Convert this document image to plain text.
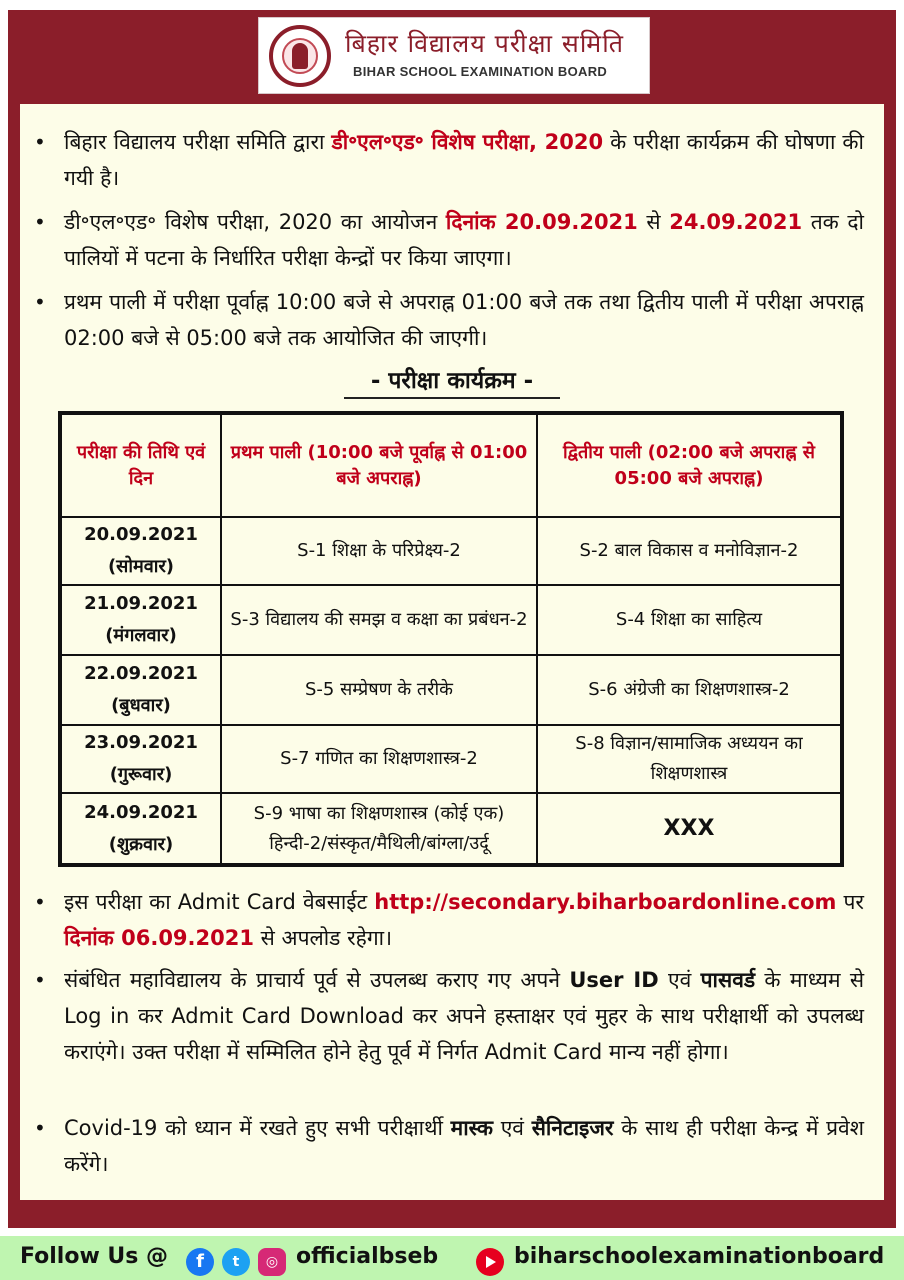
बिहार विद्यालय परीक्षा समिति
BIHAR SCHOOL EXAMINATION BOARD
• बिहार विद्यालय परीक्षा समिति द्वारा डी॰एल॰एड॰ विशेष परीक्षा, 2020 के परीक्षा कार्यक्रम की घोषणा की गयी है।
• डी॰एल॰एड॰ विशेष परीक्षा, 2020 का आयोजन दिनांक 20.09.2021 से 24.09.2021 तक दो पालियों में पटना के निर्धारित परीक्षा केन्द्रों पर किया जाएगा।
• प्रथम पाली में परीक्षा पूर्वाह्न 10:00 बजे से अपराह्न 01:00 बजे तक तथा द्वितीय पाली में परीक्षा अपराह्न 02:00 बजे से 05:00 बजे तक आयोजित की जाएगी।
- परीक्षा कार्यक्रम -
परीक्षा की तिथि एवं दिन	प्रथम पाली (10:00 बजे पूर्वाह्न से 01:00 बजे अपराह्न)	द्वितीय पाली (02:00 बजे अपराह्न से 05:00 बजे अपराह्न)
20.09.2021
(सोमवार)	S-1 शिक्षा के परिप्रेक्ष्य-2	S-2 बाल विकास व मनोविज्ञान-2
21.09.2021
(मंगलवार)	S-3 विद्यालय की समझ व कक्षा का प्रबंधन-2	S-4 शिक्षा का साहित्य
22.09.2021
(बुधवार)	S-5 सम्प्रेषण के तरीके	S-6 अंग्रेजी का शिक्षणशास्त्र-2
23.09.2021
(गुरूवार)	S-7 गणित का शिक्षणशास्त्र-2	S-8 विज्ञान/सामाजिक अध्ययन का शिक्षणशास्त्र
24.09.2021
(शुक्रवार)	S-9 भाषा का शिक्षणशास्त्र (कोई एक) हिन्दी-2/संस्कृत/मैथिली/बांग्ला/उर्दू	XXX
• इस परीक्षा का Admit Card वेबसाईट http://secondary.biharboardonline.com पर दिनांक 06.09.2021 से अपलोड रहेगा।
• संबंधित महाविद्यालय के प्राचार्य पूर्व से उपलब्ध कराए गए अपने User ID एवं पासवर्ड के माध्यम से Log in कर Admit Card Download कर अपने हस्ताक्षर एवं मुहर के साथ परीक्षार्थी को उपलब्ध कराएंगे। उक्त परीक्षा में सम्मिलित होने हेतु पूर्व में निर्गत Admit Card मान्य नहीं होगा।
• Covid-19 को ध्यान में रखते हुए सभी परीक्षार्थी मास्क एवं सैनिटाइजर के साथ ही परीक्षा केन्द्र में प्रवेश करेंगे।
Follow Us @	f	t	◎ officialbseb	biharschoolexaminationboard
